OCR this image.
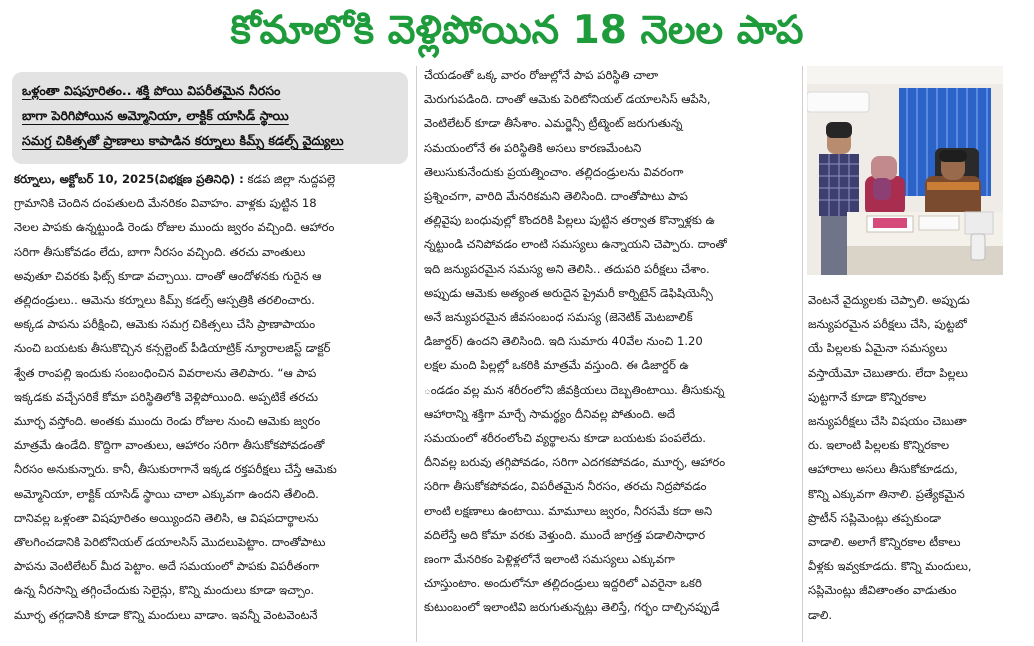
కోమాలోకి వెళ్లిపోయిన 18 నెలల పాప
ఒళ్లంతా విషపూరితం.. శక్తి పోయి విపరీతమైన నీరసం
బాగా పెరిగిపోయిన అమ్మోనియా, లాక్టిక్ యాసిడ్ స్థాయి
సమగ్ర చికిత్సతో ప్రాణాలు కాపాడిన కర్నూలు కిమ్స్ కడల్స్ వైద్యులు

కర్నూలు, అక్టోబర్ 10, 2025(విభక్షణ ప్రతినిధి) : కడప జిల్లా నుద్దపల్లె

గ్రామానికి చెందిన దంపతులది మేనరికం వివాహం. వాళ్లకు పుట్టిన 18

నెలల పాపకు ఉన్నట్టుండి రెండు రోజుల ముందు జ్వరం వచ్చింది. ఆహారం

సరిగా తీసుకోవడం లేదు, బాగా నీరసం వచ్చింది. తరచు వాంతులు

అవుతూ చివరకు ఫిట్స్ కూడా వచ్చాయి. దాంతో ఆందోళనకు గురైన ఆ

తల్లిదండ్రులు.. ఆమెను కర్నూలు కిమ్స్ కడల్స్ ఆస్పత్రికి తరలించారు.

అక్కడ పాపను పరీక్షించి, ఆమెకు సమగ్ర చికిత్సలు చేసి ప్రాణాపాయం

నుంచి బయటకు తీసుకొచ్చిన కన్సల్టెంట్ పీడియాట్రిక్ న్యూరాలజిస్ట్ డాక్టర్

శ్వేత రాంపల్లి ఇందుకు సంబంధించిన వివరాలను తెలిపారు. “ఆ పాప

ఇక్కడకు వచ్చేసరికే కోమా పరిస్థితిలోకి వెళ్లిపోయింది. అప్పటికే తరచు

మూర్ఛ వస్తోంది. అంతకు ముందు రెండు రోజుల నుంచి ఆమెకు జ్వరం

మాత్రమే ఉండేది. కొద్దిగా వాంతులు, ఆహారం సరిగా తీసుకోకపోవడంతో

నీరసం అనుకున్నారు. కానీ, తీసుకురాగానే ఇక్కడ రక్తపరీక్షలు చేస్తే ఆమెకు

అమ్మోనియా, లాక్టిక్ యాసిడ్ స్థాయి చాలా ఎక్కువగా ఉందని తేలింది.

దానివల్ల ఒళ్లంతా విషపూరితం అయ్యిందని తెలిసి, ఆ విషపదార్థాలను

తొలగించడానికి పెరిటోనియల్ డయాలసిస్ మొదలుపెట్టాం. దాంతోపాటు

పాపను వెంటిలేటర్ మీద పెట్టాం. అదే సమయంలో పాపకు విపరీతంగా

ఉన్న నీరసాన్ని తగ్గించేందుకు సెలైన్లు, కొన్ని మందులు కూడా ఇచ్చాం.

మూర్ఛ తగ్గడానికి కూడా కొన్ని మందులు వాడాం. ఇవన్నీ వెంటవెంటనే

చేయడంతో ఒక్క వారం రోజుల్లోనే పాప పరిస్థితి చాలా

మెరుగుపడింది. దాంతో ఆమెకు పెరిటోనియల్ డయాలసిస్ ఆపేసి,

వెంటిలేటర్ కూడా తీసేశాం. ఎమర్జెన్సీ ట్రీట్మెంట్ జరుగుతున్న

సమయంలోనే ఈ పరిస్థితికి అసలు కారణమేంటని

తెలుసుకునేందుకు ప్రయత్నించాం. తల్లిదండ్రులను వివరంగా

ప్రశ్నించగా, వారిది మేనరికమని తెలిసింది. దాంతోపాటు పాప

తల్లివైపు బంధువుల్లో కొందరికి పిల్లలు పుట్టిన తర్వాత కొన్నాళ్లకు ఉ

న్నట్టుండి చనిపోవడం లాంటి సమస్యలు ఉన్నాయని చెప్పారు. దాంతో

ఇది జన్యుపరమైన సమస్య అని తెలిసి.. తదుపరి పరీక్షలు చేశాం.

అప్పుడు ఆమెకు అత్యంత అరుదైన ప్రైమరీ కార్నిటైన్ డెఫిషియెన్సీ

అనే జన్యుపరమైన జీవసంబంధ సమస్య (జెనెటిక్ మెటబాలిక్

డిజార్డర్) ఉందని తెలిసింది. ఇది సుమారు 40వేల నుంచి 1.20

లక్షల మంది పిల్లల్లో ఒకరికి మాత్రమే వస్తుంది. ఈ డిజార్డర్ ఉ

ండడం వల్ల మన శరీరంలోని జీవక్రియలు దెబ్బతింటాయి. తీసుకున్న

ఆహారాన్ని శక్తిగా మార్చే సామర్థ్యం దీనివల్ల పోతుంది. అదే

సమయంలో శరీరంలోంచి వ్యర్థాలను కూడా బయటకు పంపలేదు.

దీనివల్ల బరువు తగ్గిపోవడం, సరిగా ఎదగకపోవడం, మూర్ఛ, ఆహారం

సరిగా తీసుకోకపోవడం, విపరీతమైన నీరసం, తరచు నిద్రపోవడం

లాంటి లక్షణాలు ఉంటాయి. మామూలు జ్వరం, నీరసమే కదా అని

వదిలేస్తే అది కోమా వరకు వెళ్తుంది. ముందే జాగ్రత్త పడాలిసాధార

ణంగా మేనరికం పెళ్లిళ్లలోనే ఇలాంటి సమస్యలు ఎక్కువగా

చూస్తుంటాం. అందులోనూ తల్లిదండ్రులు ఇద్దరిలో ఎవరైనా ఒకరి

కుటుంబంలో ఇలాంటివి జరుగుతున్నట్లు తెలిస్తే, గర్భం దాల్చినప్పుడే

వెంటనే వైద్యులకు చెప్పాలి. అప్పుడు

జన్యుపరమైన పరీక్షలు చేసి, పుట్టబో

యే పిల్లలకు ఏమైనా సమస్యలు

వస్తాయేమో చెబుతారు. లేదా పిల్లలు

పుట్టగానే కూడా కొన్నిరకాల

జన్యుపరీక్షలు చేసి విషయం చెబుతా

రు. ఇలాంటి పిల్లలకు కొన్నిరకాల

ఆహారాలు అసలు తీసుకోకూడదు,

కొన్ని ఎక్కువగా తినాలి. ప్రత్యేకమైన

ప్రొటీన్ సప్లిమెంట్లు తప్పకుండా

వాడాలి. అలాగే కొన్నిరకాల టీకాలు

వీళ్లకు ఇవ్వకూడదు. కొన్ని మందులు,

సప్లిమెంట్లు జీవితాంతం వాడుతుం

డాలి.
